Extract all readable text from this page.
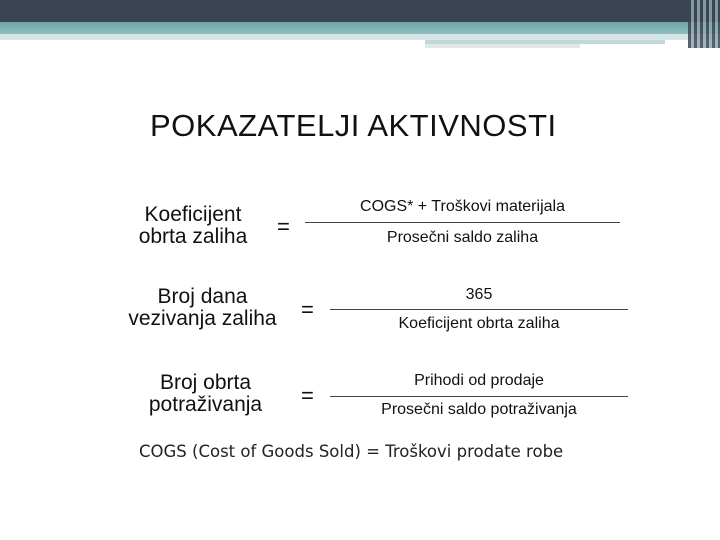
POKAZATELJI AKTIVNOSTI
Koeficijent
obrta zaliha	=
COGS* + Troškovi materijala
Prosečni saldo zaliha
Broj dana
vezivanja zaliha	=
365
Koeficijent obrta zaliha
Broj obrta
potraživanja	=
Prihodi od prodaje
Prosečni saldo potraživanja
COGS (Cost of Goods Sold) = Troškovi prodate robe
